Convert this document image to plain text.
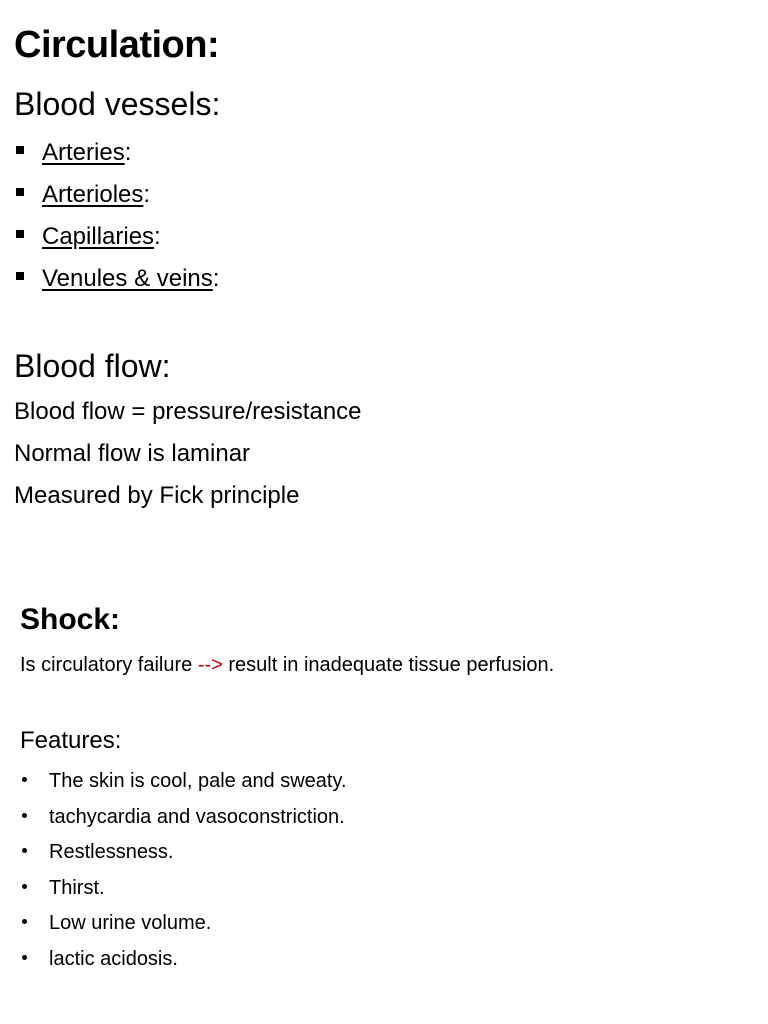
Circulation:
Blood vessels:
Arteries:
Arterioles:
Capillaries:
Venules & veins:
Blood flow:
Blood flow = pressure/resistance
Normal flow is laminar
Measured by Fick principle
Shock:
Is circulatory failure --> result in inadequate tissue perfusion.
Features:
The skin is cool, pale and sweaty.
tachycardia and vasoconstriction.
Restlessness.
Thirst.
Low urine volume.
lactic acidosis.
